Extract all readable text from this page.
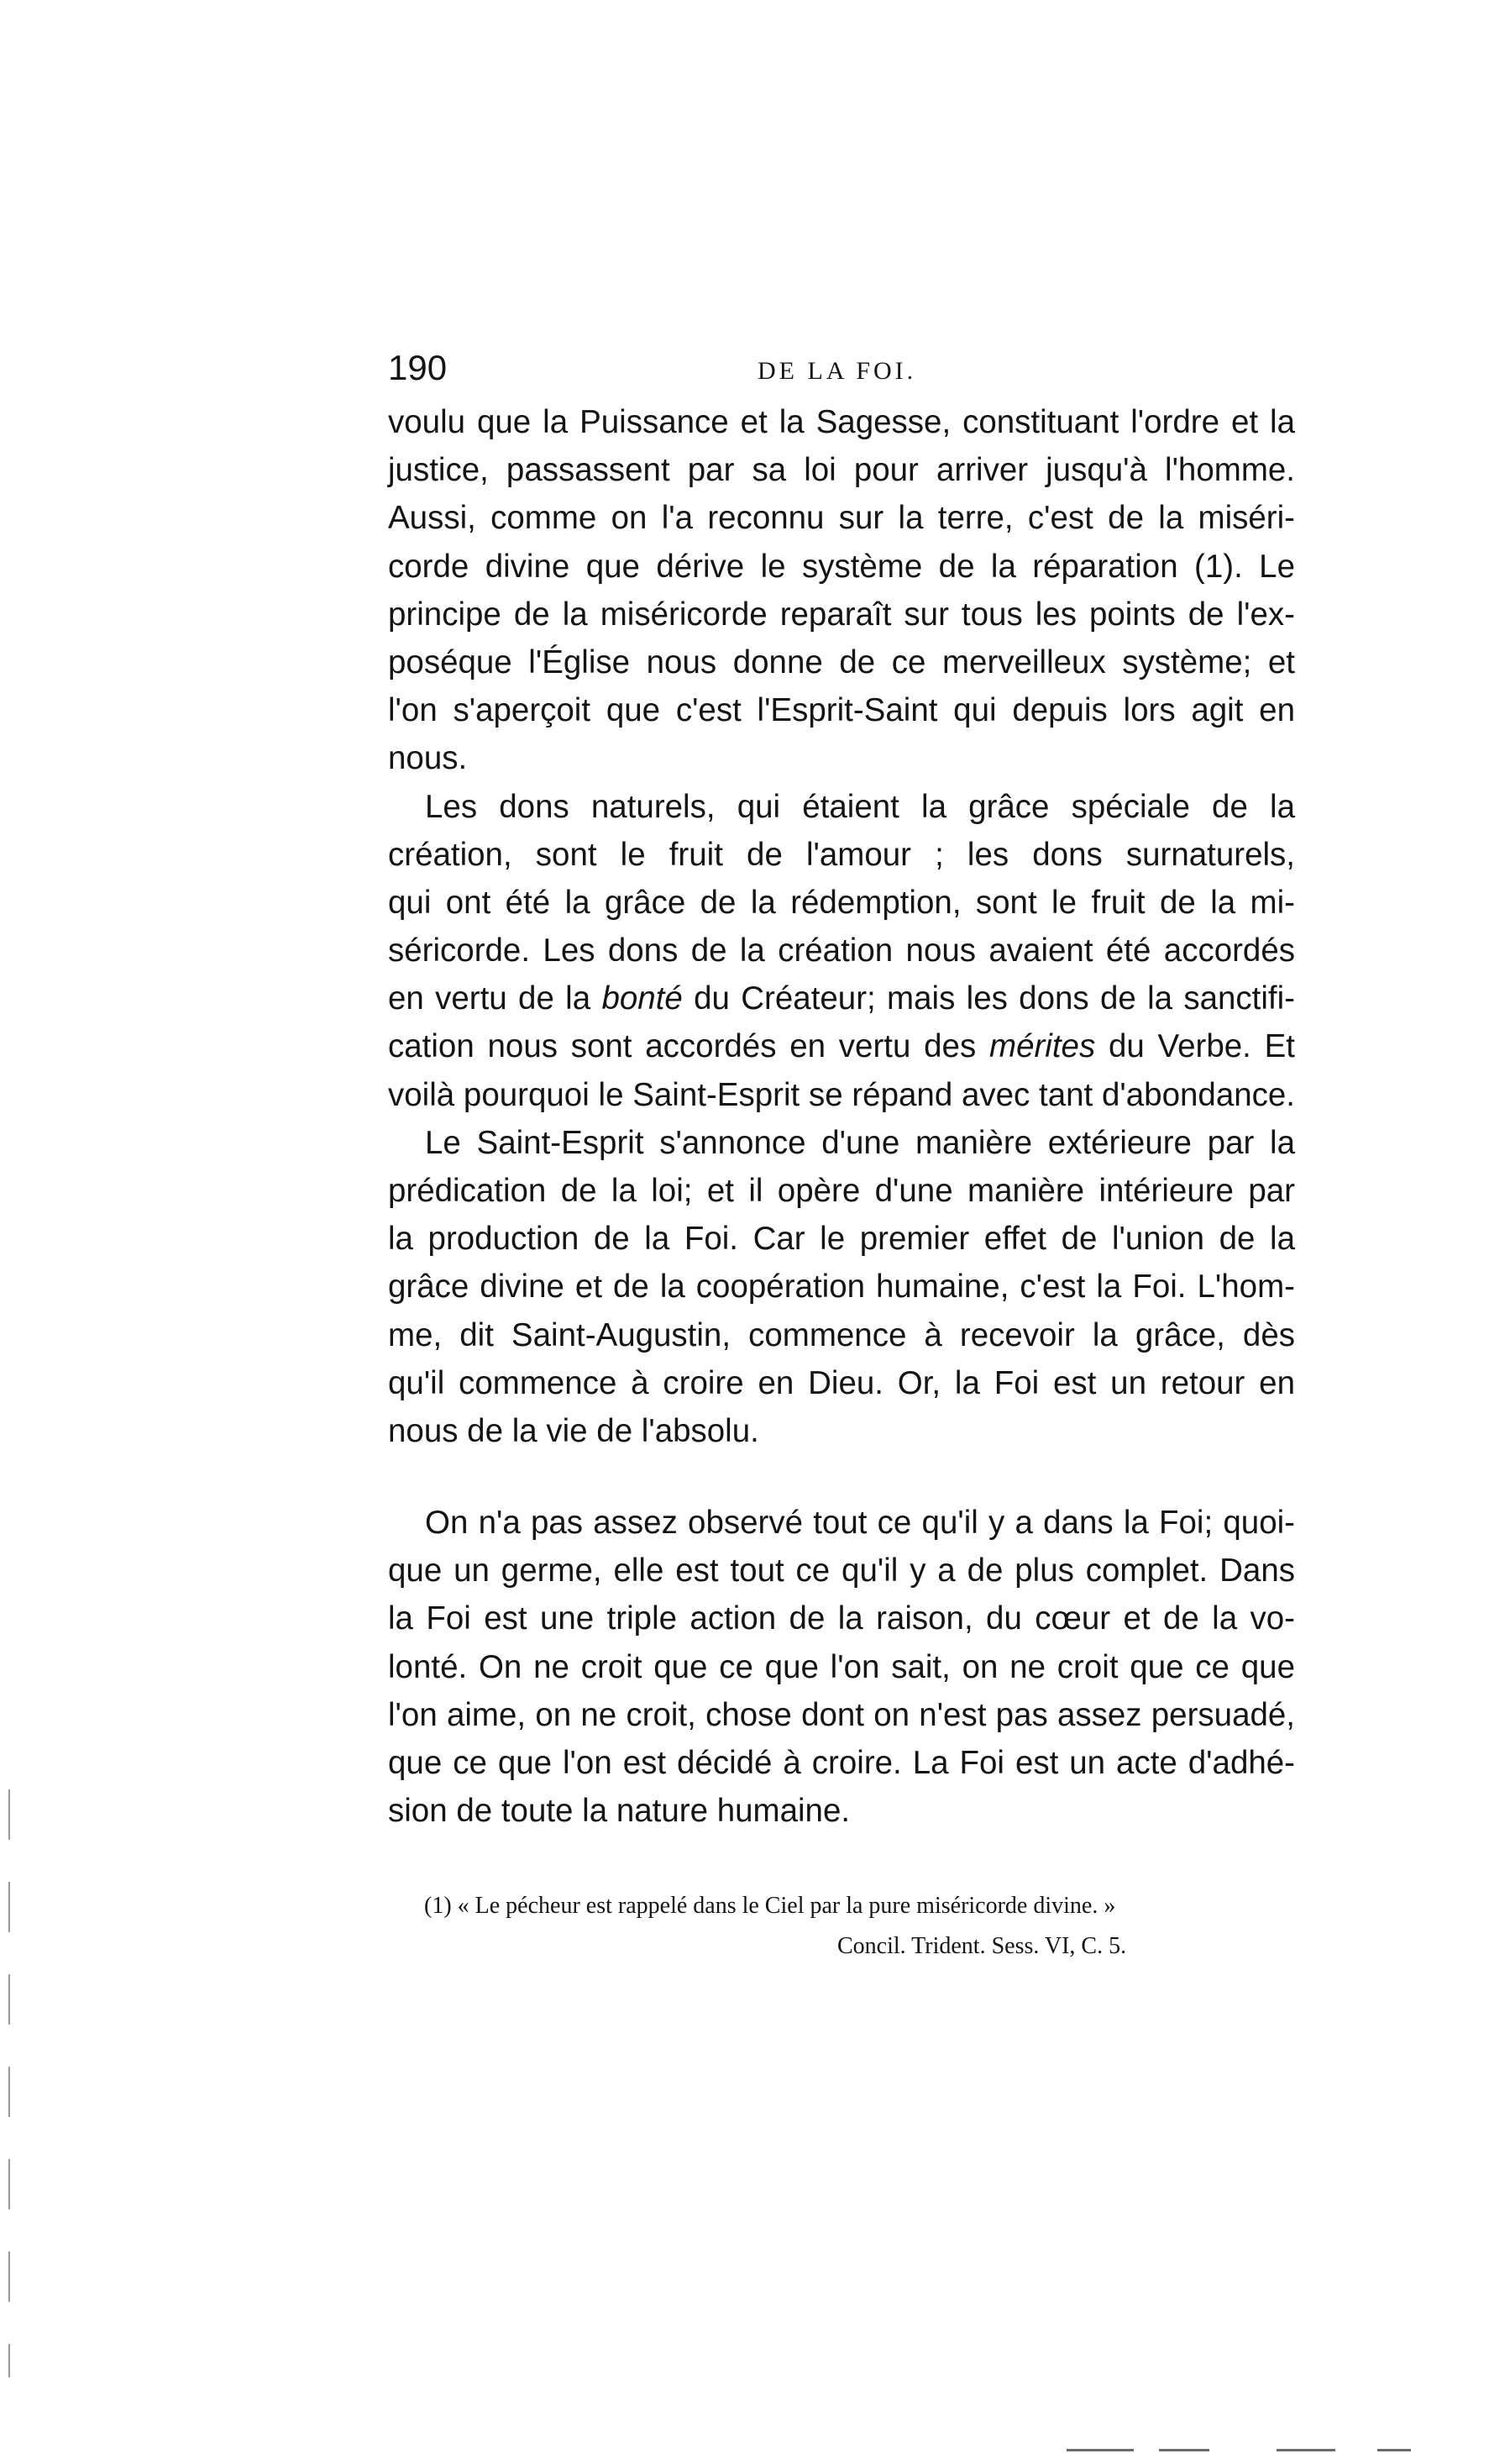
190	DE LA FOI.
voulu que la Puissance et la Sagesse, constituant l'ordre et la
justice, passassent par sa loi pour arriver jusqu'à l'homme.
Aussi, comme on l'a reconnu sur la terre, c'est de la miséri-
corde divine que dérive le système de la réparation (1). Le
principe de la miséricorde reparaît sur tous les points de l'ex-
poséque l'Église nous donne de ce merveilleux système; et
l'on s'aperçoit que c'est l'Esprit-Saint qui depuis lors agit en
nous.
Les dons naturels, qui étaient la grâce spéciale de la
création, sont le fruit de l'amour ; les dons surnaturels,
qui ont été la grâce de la rédemption, sont le fruit de la mi-
séricorde. Les dons de la création nous avaient été accordés
en vertu de la bonté du Créateur; mais les dons de la sanctifi-
cation nous sont accordés en vertu des mérites du Verbe. Et
voilà pourquoi le Saint-Esprit se répand avec tant d'abondance.
Le Saint-Esprit s'annonce d'une manière extérieure par la
prédication de la loi; et il opère d'une manière intérieure par
la production de la Foi. Car le premier effet de l'union de la
grâce divine et de la coopération humaine, c'est la Foi. L'hom-
me, dit Saint-Augustin, commence à recevoir la grâce, dès
qu'il commence à croire en Dieu. Or, la Foi est un retour en
nous de la vie de l'absolu.
On n'a pas assez observé tout ce qu'il y a dans la Foi; quoi-
que un germe, elle est tout ce qu'il y a de plus complet. Dans
la Foi est une triple action de la raison, du cœur et de la vo-
lonté. On ne croit que ce que l'on sait, on ne croit que ce que
l'on aime, on ne croit, chose dont on n'est pas assez persuadé,
que ce que l'on est décidé à croire. La Foi est un acte d'adhé-
sion de toute la nature humaine.
(1) « Le pécheur est rappelé dans le Ciel par la pure miséricorde divine. »
Concil. Trident. Sess. VI, C. 5.
